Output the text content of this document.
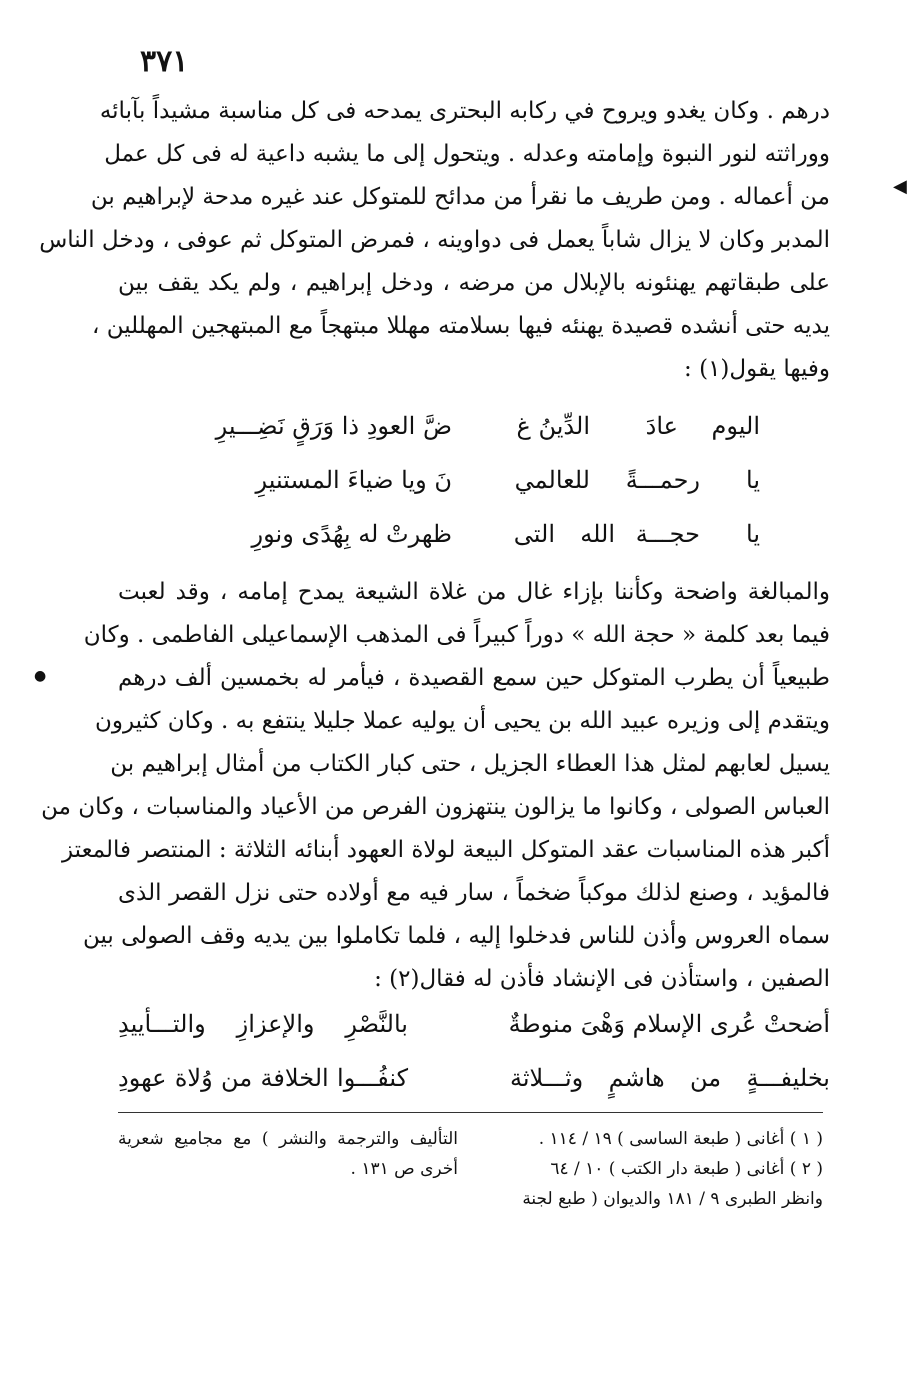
٣٧١
◀
●
درهم . وكان يغدو ويروح في ركابه البحترى يمدحه فى كل مناسبة مشيداً بآبائه
ووراثته لنور النبوة وإمامته وعدله . ويتحول إلى ما يشبه داعية له فى كل عمل
من أعماله . ومن طريف ما نقرأ من مدائح للمتوكل عند غيره مدحة لإبراهيم بن
المدبر وكان لا يزال شاباً يعمل فى دواوينه ، فمرض المتوكل ثم عوفى ، ودخل الناس
على طبقاتهم يهنئونه بالإبلال من مرضه ، ودخل إبراهيم ، ولم يكد يقف بين
يديه حتى أنشده قصيدة يهنئه فيها بسلامته مهللا مبتهجاً مع المبتهجين المهللين ،
وفيها يقول(١) :
اليوم
عادَ
الدِّينُ غ
ضَّ العودِ ذا وَرَقٍ نَضِـــيرِ
يا
رحمـــةً
للعالمي
نَ ويا ضياءَ المستنيرِ
يا
حجـــة
الله
التى
ظهرتْ له بِهُدًى ونورِ
والمبالغة واضحة وكأننا بإزاء غال من غلاة الشيعة يمدح إمامه ، وقد لعبت
فيما بعد كلمة « حجة الله » دوراً كبيراً فى المذهب الإسماعيلى الفاطمى . وكان
طبيعياً أن يطرب المتوكل حين سمع القصيدة ، فيأمر له بخمسين ألف درهم
ويتقدم إلى وزيره عبيد الله بن يحيى أن يوليه عملا جليلا ينتفع به . وكان كثيرون
يسيل لعابهم لمثل هذا العطاء الجزيل ، حتى كبار الكتاب من أمثال إبراهيم بن
العباس الصولى ، وكانوا ما يزالون ينتهزون الفرص من الأعياد والمناسبات ، وكان من
أكبر هذه المناسبات عقد المتوكل البيعة لولاة العهود أبنائه الثلاثة : المنتصر فالمعتز
فالمؤيد ، وصنع لذلك موكباً ضخماً ، سار فيه مع أولاده حتى نزل القصر الذى
سماه العروس وأذن للناس فدخلوا إليه ، فلما تكاملوا بين يديه وقف الصولى بين
الصفين ، واستأذن فى الإنشاد فأذن له فقال(٢) :
أضحتْ عُرى الإسلام وَهْىَ منوطةٌ
بالنَّصْرِ والإعزازِ والتـــأييدِ
بخليفـــةٍ من هاشمٍ وثـــلاثة
كنفُـــوا الخلافة من وُلاة عهودِ
( ١ ) أغانى ( طبعة الساسى ) ١٩ / ١١٤ .
( ٢ ) أغانى ( طبعة دار الكتب ) ١٠ / ٦٤
وانظر الطبرى ٩ / ١٨١ والديوان ( طبع لجنة
التأليف والترجمة والنشر ) مع مجاميع شعرية
أخرى ص ١٣١ .
